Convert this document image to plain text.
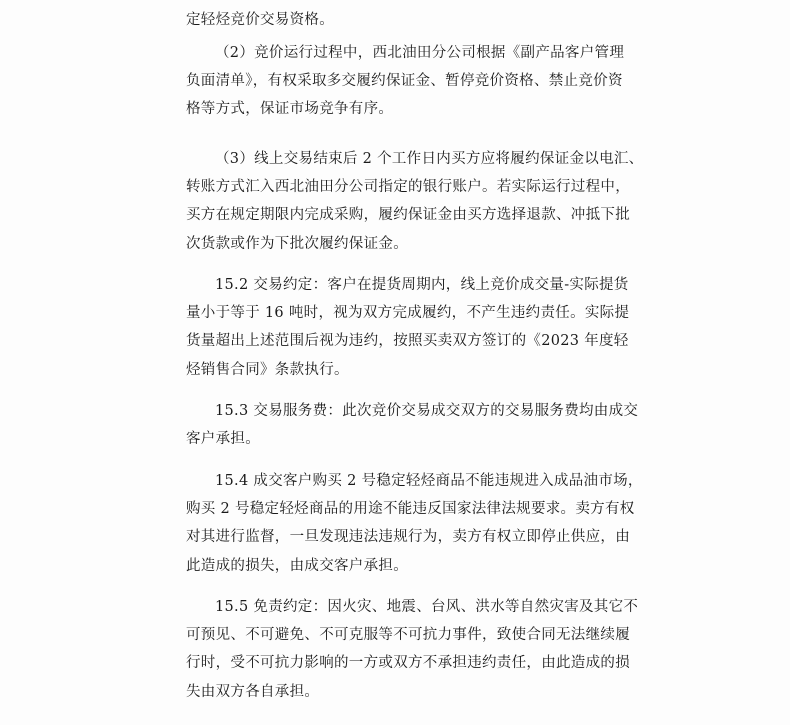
定轻烃竞价交易资格。

（2）竞价运行过程中，西北油田分公司根据《副产品客户管理
负面清单》，有权采取多交履约保证金、暂停竞价资格、禁止竞价资
格等方式，保证市场竞争有序。

（3）线上交易结束后 2 个工作日内买方应将履约保证金以电汇、
转账方式汇入西北油田分公司指定的银行账户。若实际运行过程中，
买方在规定期限内完成采购，履约保证金由买方选择退款、冲抵下批
次货款或作为下批次履约保证金。

15.2 交易约定：客户在提货周期内，线上竞价成交量-实际提货
量小于等于 16 吨时，视为双方完成履约，不产生违约责任。实际提
货量超出上述范围后视为违约，按照买卖双方签订的《2023 年度轻
烃销售合同》条款执行。

15.3 交易服务费：此次竞价交易成交双方的交易服务费均由成交
客户承担。

15.4 成交客户购买 2 号稳定轻烃商品不能违规进入成品油市场，
购买 2 号稳定轻烃商品的用途不能违反国家法律法规要求。卖方有权
对其进行监督，一旦发现违法违规行为，卖方有权立即停止供应，由
此造成的损失，由成交客户承担。

15.5 免责约定：因火灾、地震、台风、洪水等自然灾害及其它不
可预见、不可避免、不可克服等不可抗力事件，致使合同无法继续履
行时，受不可抗力影响的一方或双方不承担违约责任，由此造成的损
失由双方各自承担。
